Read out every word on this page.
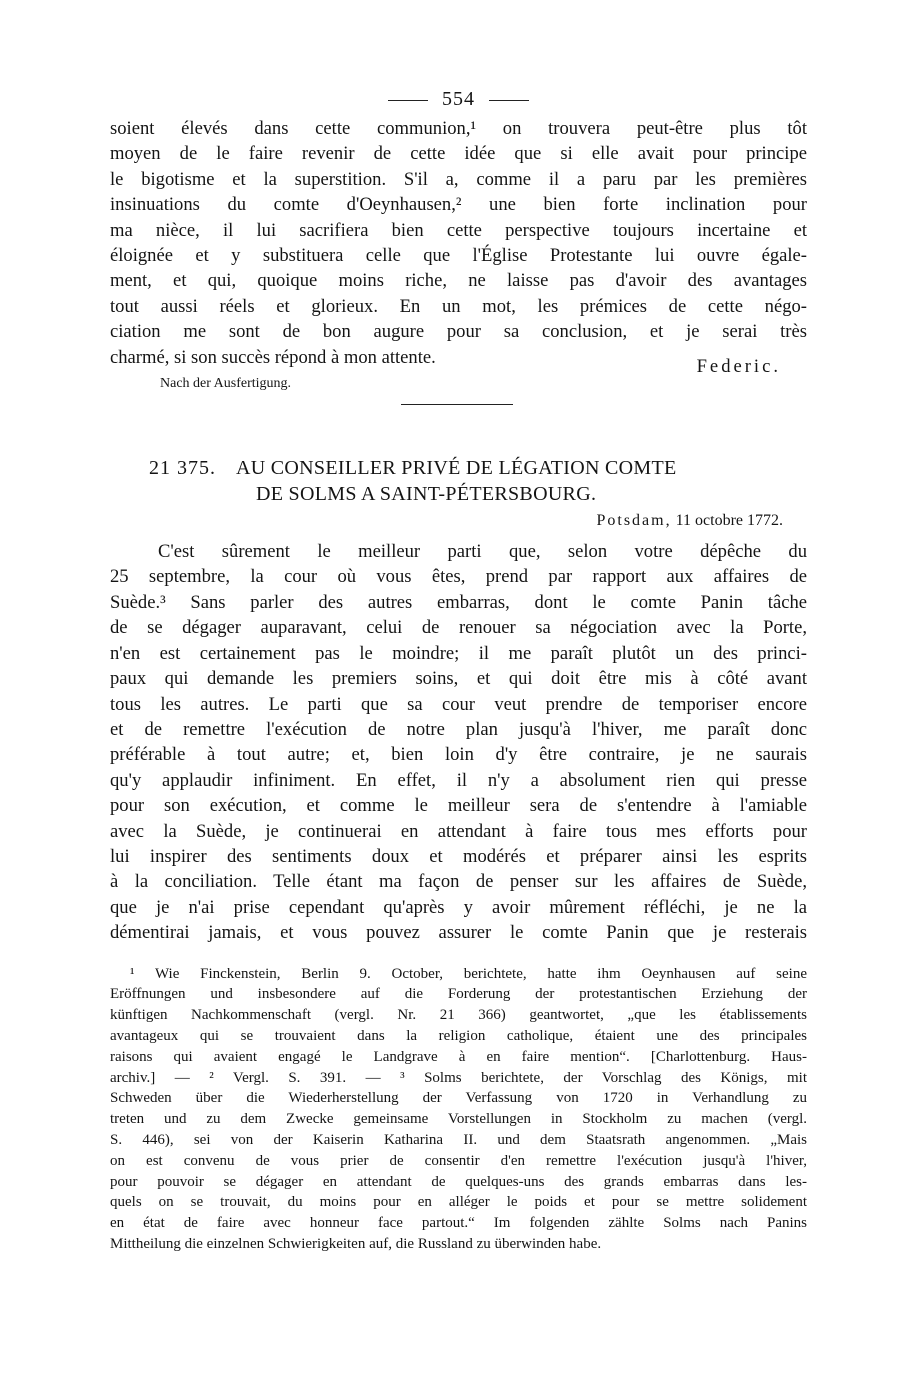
554
soient élevés dans cette communion,¹ on trouvera peut-être plus tôt
moyen de le faire revenir de cette idée que si elle avait pour principe
le bigotisme et la superstition. S'il a, comme il a paru par les premières
insinuations du comte d'Oeynhausen,² une bien forte inclination pour
ma nièce, il lui sacrifiera bien cette perspective toujours incertaine et
éloignée et y substituera celle que l'Église Protestante lui ouvre égale-
ment, et qui, quoique moins riche, ne laisse pas d'avoir des avantages
tout aussi réels et glorieux. En un mot, les prémices de cette négo-
ciation me sont de bon augure pour sa conclusion, et je serai très
charmé, si son succès répond à mon attente.
Nach der Ausfertigung.
Federic.
21 375. AU CONSEILLER PRIVÉ DE LÉGATION COMTE
DE SOLMS A SAINT-PÉTERSBOURG.
Potsdam, 11 octobre 1772.
C'est sûrement le meilleur parti que, selon votre dépêche du
25 septembre, la cour où vous êtes, prend par rapport aux affaires de
Suède.³ Sans parler des autres embarras, dont le comte Panin tâche
de se dégager auparavant, celui de renouer sa négociation avec la Porte,
n'en est certainement pas le moindre; il me paraît plutôt un des princi-
paux qui demande les premiers soins, et qui doit être mis à côté avant
tous les autres. Le parti que sa cour veut prendre de temporiser encore
et de remettre l'exécution de notre plan jusqu'à l'hiver, me paraît donc
préférable à tout autre; et, bien loin d'y être contraire, je ne saurais
qu'y applaudir infiniment. En effet, il n'y a absolument rien qui presse
pour son exécution, et comme le meilleur sera de s'entendre à l'amiable
avec la Suède, je continuerai en attendant à faire tous mes efforts pour
lui inspirer des sentiments doux et modérés et préparer ainsi les esprits
à la conciliation. Telle étant ma façon de penser sur les affaires de Suède,
que je n'ai prise cependant qu'après y avoir mûrement réfléchi, je ne la
démentirai jamais, et vous pouvez assurer le comte Panin que je resterais
¹ Wie Finckenstein, Berlin 9. October, berichtete, hatte ihm Oeynhausen auf seine
Eröffnungen und insbesondere auf die Forderung der protestantischen Erziehung der
künftigen Nachkommenschaft (vergl. Nr. 21 366) geantwortet, „que les établissements
avantageux qui se trouvaient dans la religion catholique, étaient une des principales
raisons qui avaient engagé le Landgrave à en faire mention“. [Charlottenburg. Haus-
archiv.] — ² Vergl. S. 391. — ³ Solms berichtete, der Vorschlag des Königs, mit
Schweden über die Wiederherstellung der Verfassung von 1720 in Verhandlung zu
treten und zu dem Zwecke gemeinsame Vorstellungen in Stockholm zu machen (vergl.
S. 446), sei von der Kaiserin Katharina II. und dem Staatsrath angenommen. „Mais
on est convenu de vous prier de consentir d'en remettre l'exécution jusqu'à l'hiver,
pour pouvoir se dégager en attendant de quelques-uns des grands embarras dans les-
quels on se trouvait, du moins pour en alléger le poids et pour se mettre solidement
en état de faire avec honneur face partout.“ Im folgenden zählte Solms nach Panins
Mittheilung die einzelnen Schwierigkeiten auf, die Russland zu überwinden habe.
